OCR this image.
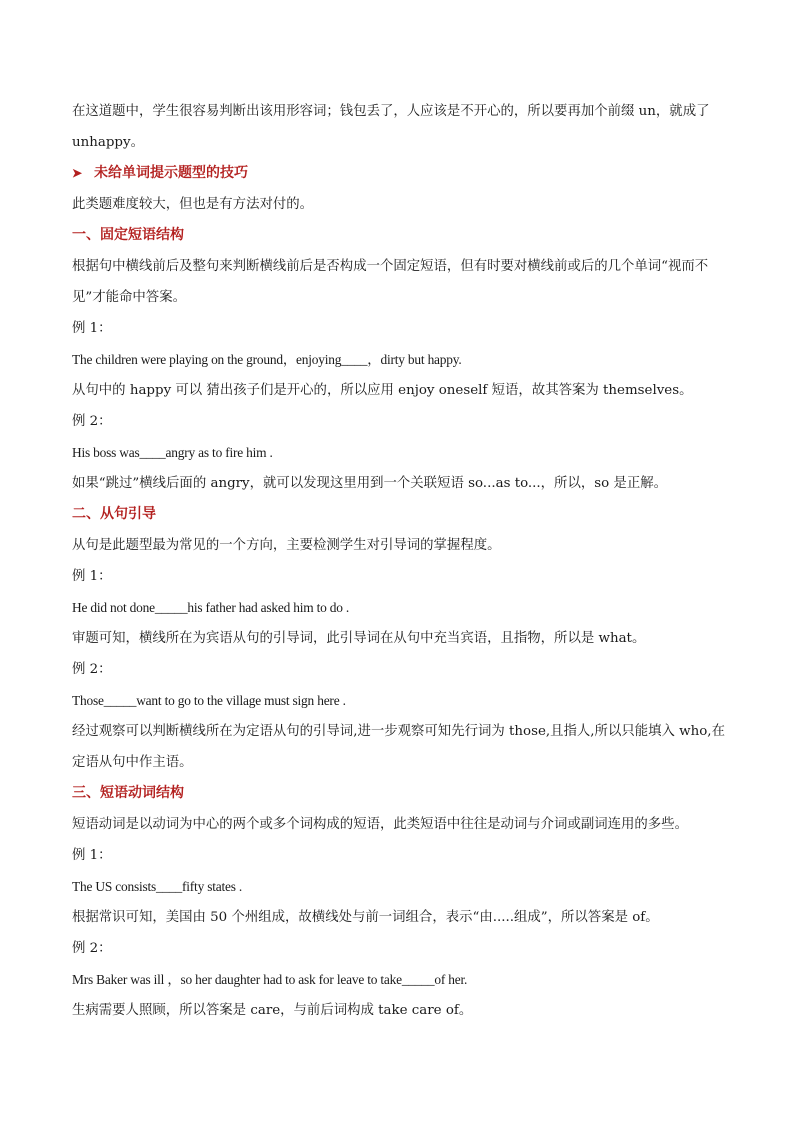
在这道题中，学生很容易判断出该用形容词；钱包丢了，人应该是不开心的，所以要再加个前缀 un，就成了 unhappy。

➤ 未给单词提示题型的技巧

此类题难度较大，但也是有方法对付的。

一、固定短语结构

根据句中横线前后及整句来判断横线前后是否构成一个固定短语，但有时要对横线前或后的几个单词“视而不见”才能命中答案。

例 1：

The children were playing on the ground，enjoying____，dirty but happy.

从句中的 happy 可以 猜出孩子们是开心的，所以应用 enjoy oneself 短语，故其答案为 themselves。

例 2：

His boss was____angry as to fire him .

如果“跳过”横线后面的 angry，就可以发现这里用到一个关联短语 so...as to...，所以，so 是正解。

二、从句引导

从句是此题型最为常见的一个方向，主要检测学生对引导词的掌握程度。

例 1：

He did not done_____his father had asked him to do .

审题可知，横线所在为宾语从句的引导词，此引导词在从句中充当宾语，且指物，所以是 what。

例 2：

Those_____want to go to the village must sign here .

经过观察可以判断横线所在为定语从句的引导词,进一步观察可知先行词为 those,且指人,所以只能填入 who,在定语从句中作主语。

三、短语动词结构

短语动词是以动词为中心的两个或多个词构成的短语，此类短语中往往是动词与介词或副词连用的多些。

例 1：

The US consists____fifty states .

根据常识可知，美国由 50 个州组成，故横线处与前一词组合，表示“由.....组成”，所以答案是 of。

例 2：

Mrs Baker was ill ，so her daughter had to ask for leave to take_____of her.

生病需要人照顾，所以答案是 care，与前后词构成 take care of。
